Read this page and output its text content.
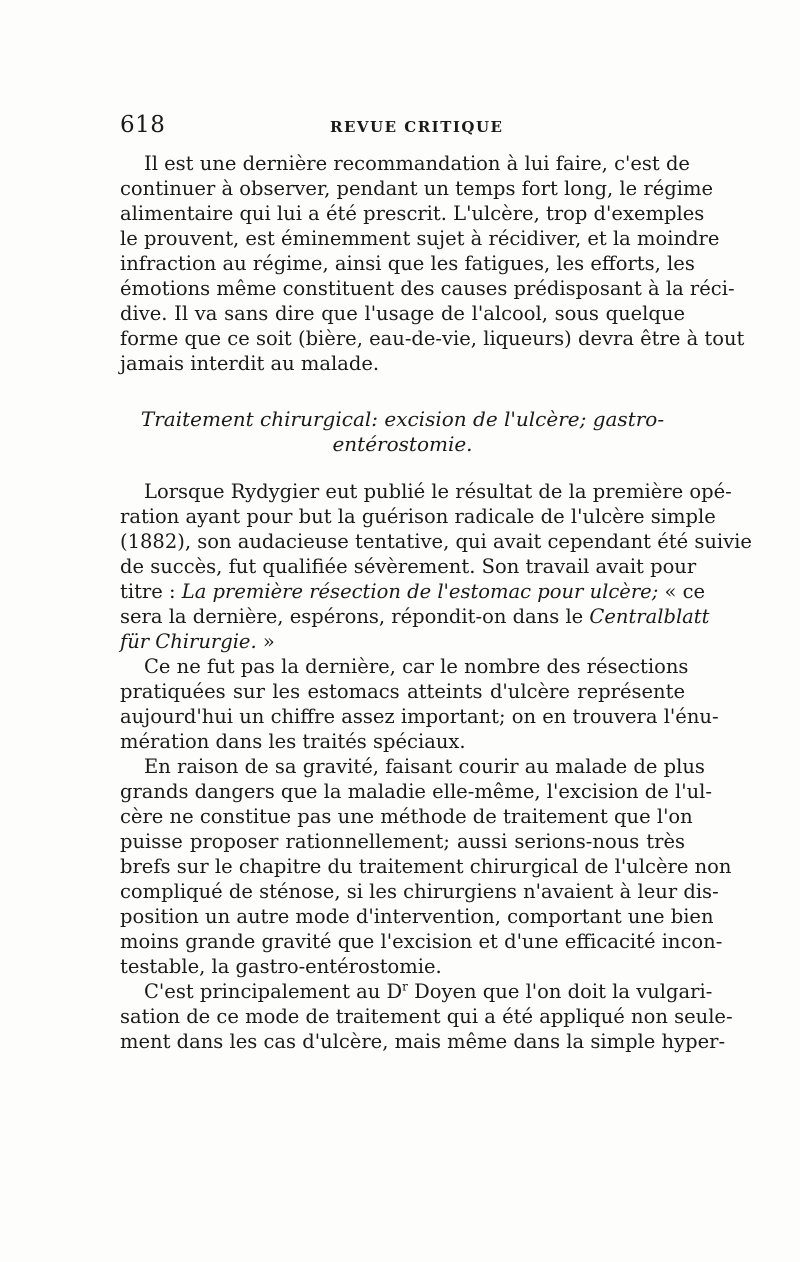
618	REVUE CRITIQUE
Il est une dernière recommandation à lui faire, c'est de
continuer à observer, pendant un temps fort long, le régime
alimentaire qui lui a été prescrit. L'ulcère, trop d'exemples
le prouvent, est éminemment sujet à récidiver, et la moindre
infraction au régime, ainsi que les fatigues, les efforts, les
émotions même constituent des causes prédisposant à la réci-
dive. Il va sans dire que l'usage de l'alcool, sous quelque
forme que ce soit (bière, eau-de-vie, liqueurs) devra être à tout
jamais interdit au malade.
Traitement chirurgical: excision de l'ulcère; gastro-
entérostomie.
Lorsque Rydygier eut publié le résultat de la première opé-
ration ayant pour but la guérison radicale de l'ulcère simple
(1882), son audacieuse tentative, qui avait cependant été suivie
de succès, fut qualifiée sévèrement. Son travail avait pour
titre : La première résection de l'estomac pour ulcère; « ce
sera la dernière, espérons, répondit-on dans le Centralblatt
für Chirurgie. »
Ce ne fut pas la dernière, car le nombre des résections
pratiquées sur les estomacs atteints d'ulcère représente
aujourd'hui un chiffre assez important; on en trouvera l'énu-
mération dans les traités spéciaux.
En raison de sa gravité, faisant courir au malade de plus
grands dangers que la maladie elle-même, l'excision de l'ul-
cère ne constitue pas une méthode de traitement que l'on
puisse proposer rationnellement; aussi serions-nous très
brefs sur le chapitre du traitement chirurgical de l'ulcère non
compliqué de sténose, si les chirurgiens n'avaient à leur dis-
position un autre mode d'intervention, comportant une bien
moins grande gravité que l'excision et d'une efficacité incon-
testable, la gastro-entérostomie.
C'est principalement au $D^r$ Doyen que l'on doit la vulgari-
sation de ce mode de traitement qui a été appliqué non seule-
ment dans les cas d'ulcère, mais même dans la simple hyper-
